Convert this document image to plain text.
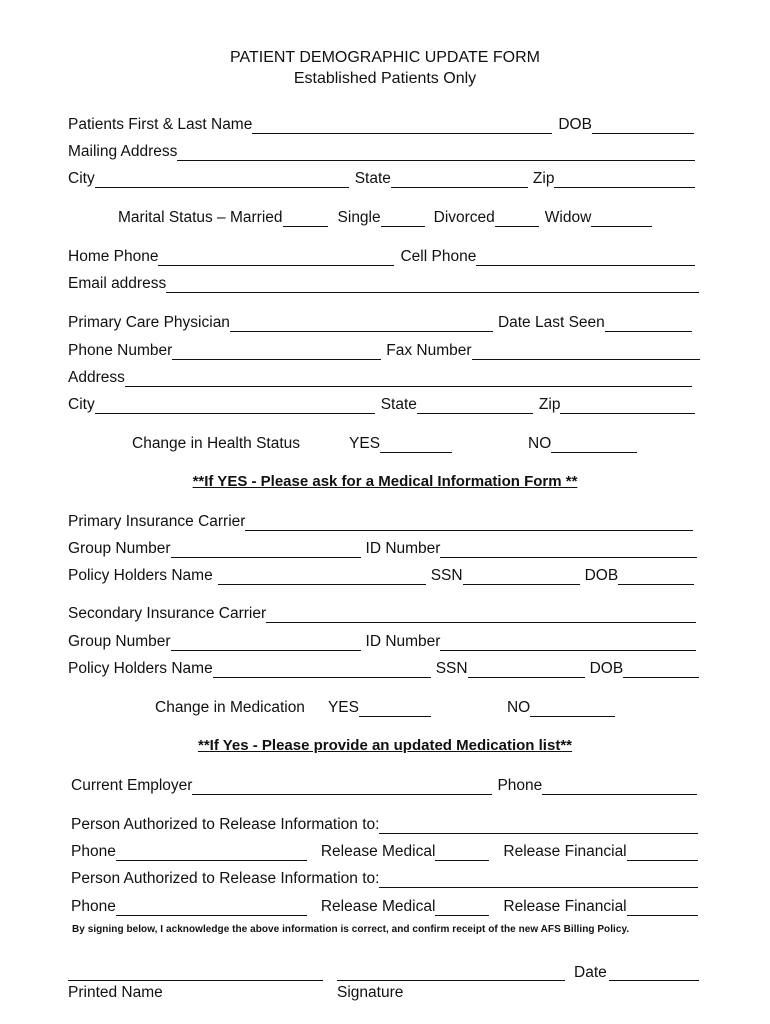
PATIENT DEMOGRAPHIC UPDATE FORM
Established Patients Only
Patients First & Last Name	DOB
Mailing Address
City	State	Zip
Marital Status – Married	Single	Divorced	Widow
Home Phone	Cell Phone
Email address
Primary Care Physician	Date Last Seen
Phone Number	Fax Number
Address
City	State	Zip
Change in Health Status	YES	NO
**If YES - Please ask for a Medical Information Form **
Primary Insurance Carrier
Group Number	ID Number
Policy Holders Name	SSN	DOB
Secondary Insurance Carrier
Group Number	ID Number
Policy Holders Name	SSN	DOB
Change in Medication YES	NO
**If Yes - Please provide an updated Medication list**
Current Employer	Phone
Person Authorized to Release Information to:
Phone	Release Medical	Release Financial
Person Authorized to Release Information to:
Phone	Release Medical	Release Financial
By signing below, I acknowledge the above information is correct, and confirm receipt of the new AFS Billing Policy.
Date
Printed Name	Signature
